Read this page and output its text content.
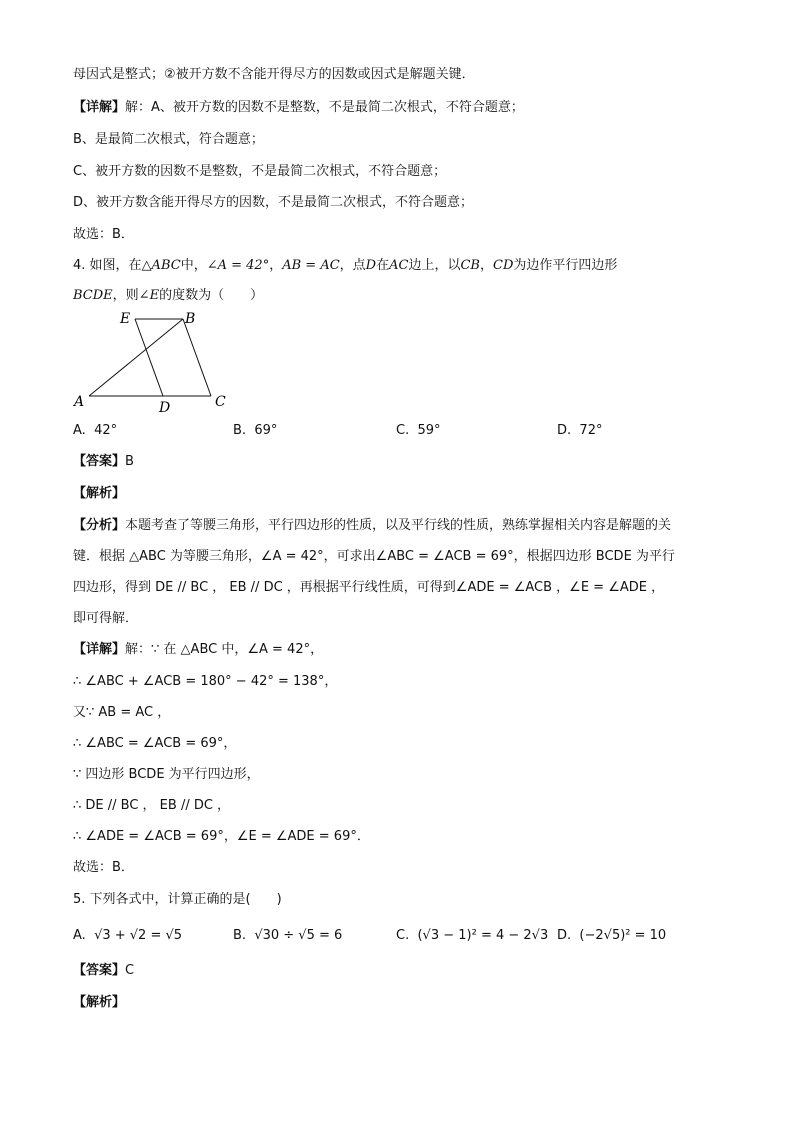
母因式是整式；②被开方数不含能开得尽方的因数或因式是解题关键．
【详解】解：A、被开方数的因数不是整数，不是最简二次根式，不符合题意；
B、是最简二次根式，符合题意；
C、被开方数的因数不是整数，不是最简二次根式，不符合题意；
D、被开方数含能开得尽方的因数，不是最简二次根式，不符合题意；
故选：B．
4. 如图，在△ABC中，∠A = 42°，AB = AC，点D在AC边上，以CB，CD为边作平行四边形
BCDE，则∠E的度数为（　　）
E	B
A	D	C
A. 42°	B. 69°	C. 59°	D. 72°
【答案】B
【解析】
【分析】本题考查了等腰三角形，平行四边形的性质，以及平行线的性质，熟练掌握相关内容是解题的关
键．根据 △ABC 为等腰三角形，∠A = 42°，可求出∠ABC = ∠ACB = 69°，根据四边形 BCDE 为平行
四边形，得到 DE // BC ， EB // DC ，再根据平行线性质，可得到∠ADE = ∠ACB ，∠E = ∠ADE ，
即可得解．
【详解】解：∵ 在 △ABC 中，∠A = 42°，
∴ ∠ABC + ∠ACB = 180° − 42° = 138°，
又∵ AB = AC ，
∴ ∠ABC = ∠ACB = 69°，
∵ 四边形 BCDE 为平行四边形，
∴ DE // BC ， EB // DC ，
∴ ∠ADE = ∠ACB = 69°，∠E = ∠ADE = 69°．
故选：B．
5. 下列各式中，计算正确的是(　　)
A. √3 + √2 = √5	B. √30 ÷ √5 = 6	C. (√3 − 1)² = 4 − 2√3 D. (−2√5)² = 10
【答案】C
【解析】
